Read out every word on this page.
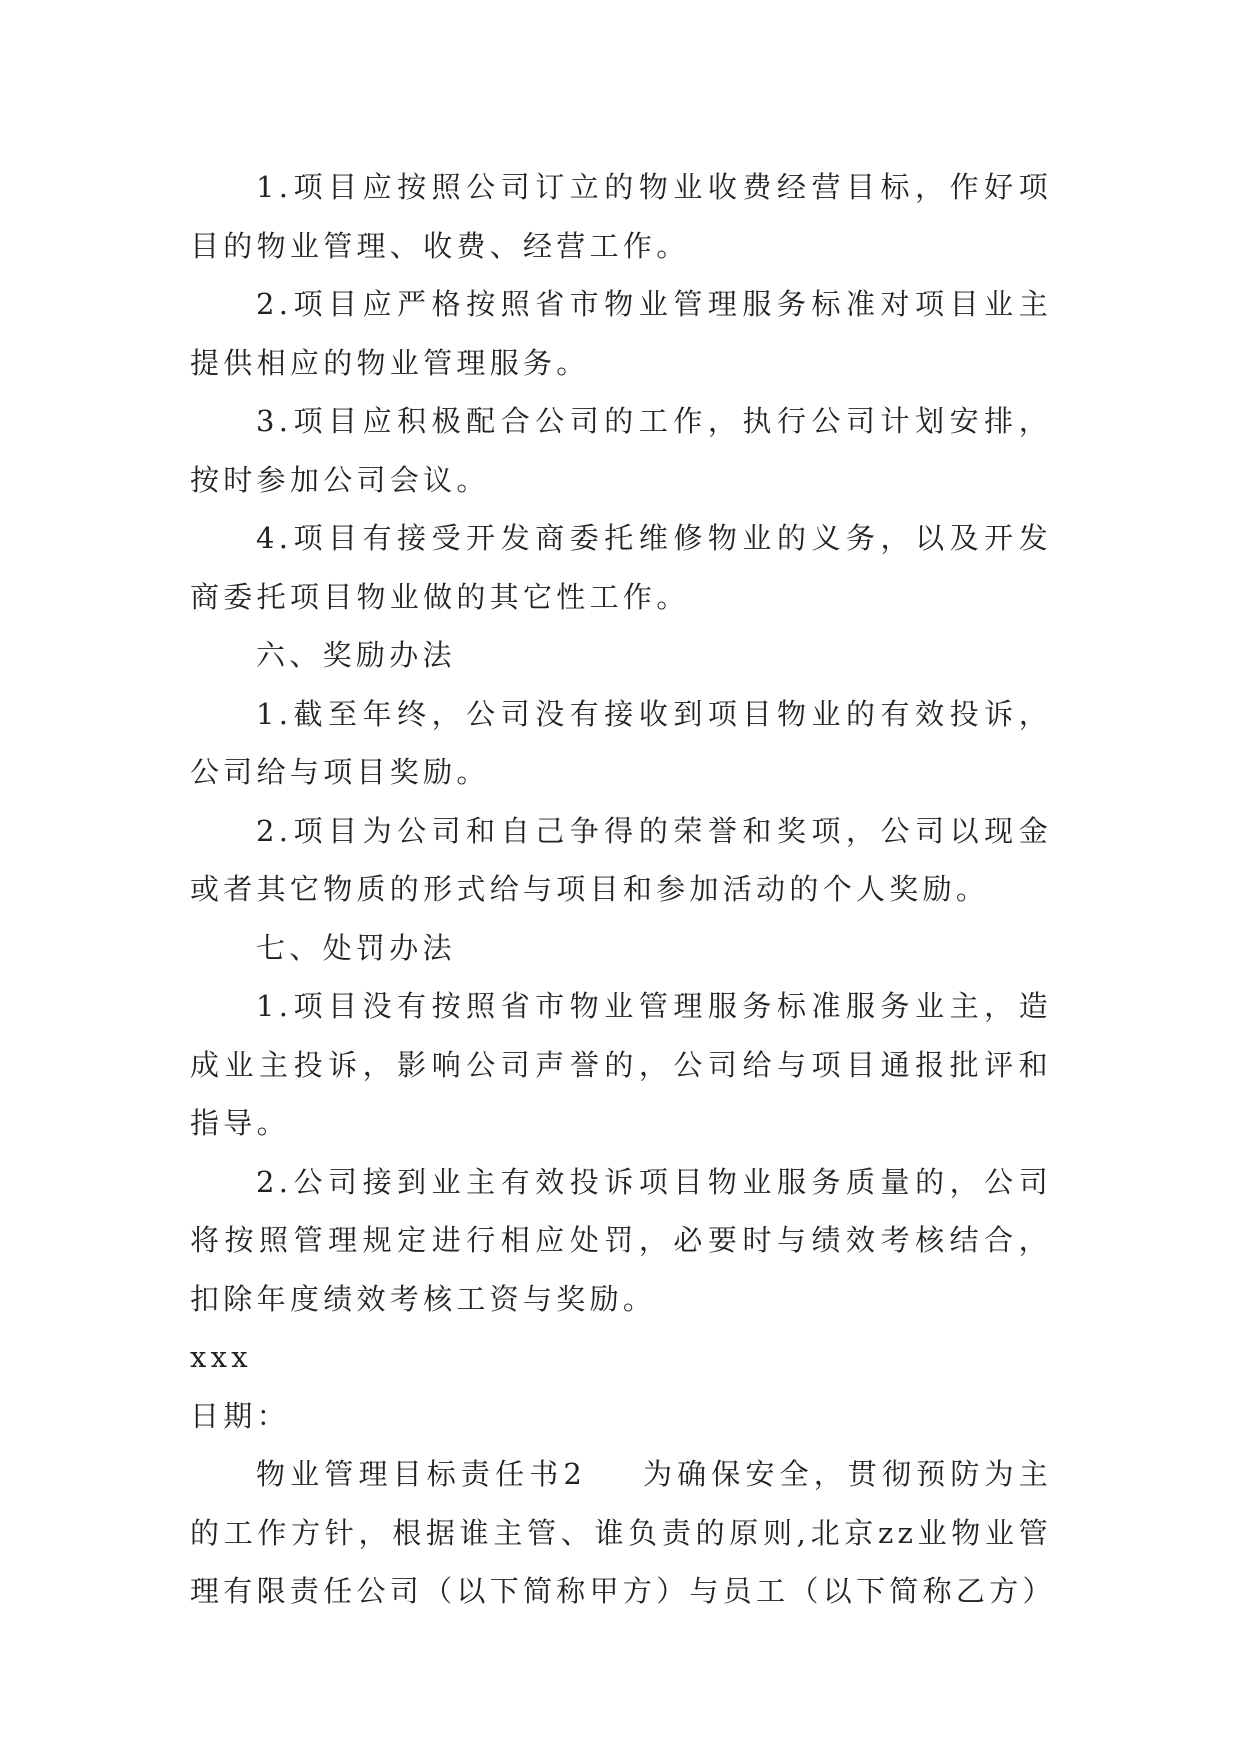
1.项目应按照公司订立的物业收费经营目标，作好项目的物业管理、收费、经营工作。

2.项目应严格按照省市物业管理服务标准对项目业主提供相应的物业管理服务。

3.项目应积极配合公司的工作，执行公司计划安排，按时参加公司会议。

4.项目有接受开发商委托维修物业的义务，以及开发商委托项目物业做的其它性工作。

六、奖励办法

1.截至年终，公司没有接收到项目物业的有效投诉，公司给与项目奖励。

2.项目为公司和自己争得的荣誉和奖项，公司以现金或者其它物质的形式给与项目和参加活动的个人奖励。

七、处罚办法

1.项目没有按照省市物业管理服务标准服务业主，造成业主投诉，影响公司声誉的，公司给与项目通报批评和指导。

2.公司接到业主有效投诉项目物业服务质量的，公司将按照管理规定进行相应处罚，必要时与绩效考核结合，扣除年度绩效考核工资与奖励。

xxx

日期：

物业管理目标责任书2 为确保安全，贯彻预防为主的工作方针，根据谁主管、谁负责的原则,北京zz业物业管理有限责任公司（以下简称甲方）与员工（以下简称乙方）
